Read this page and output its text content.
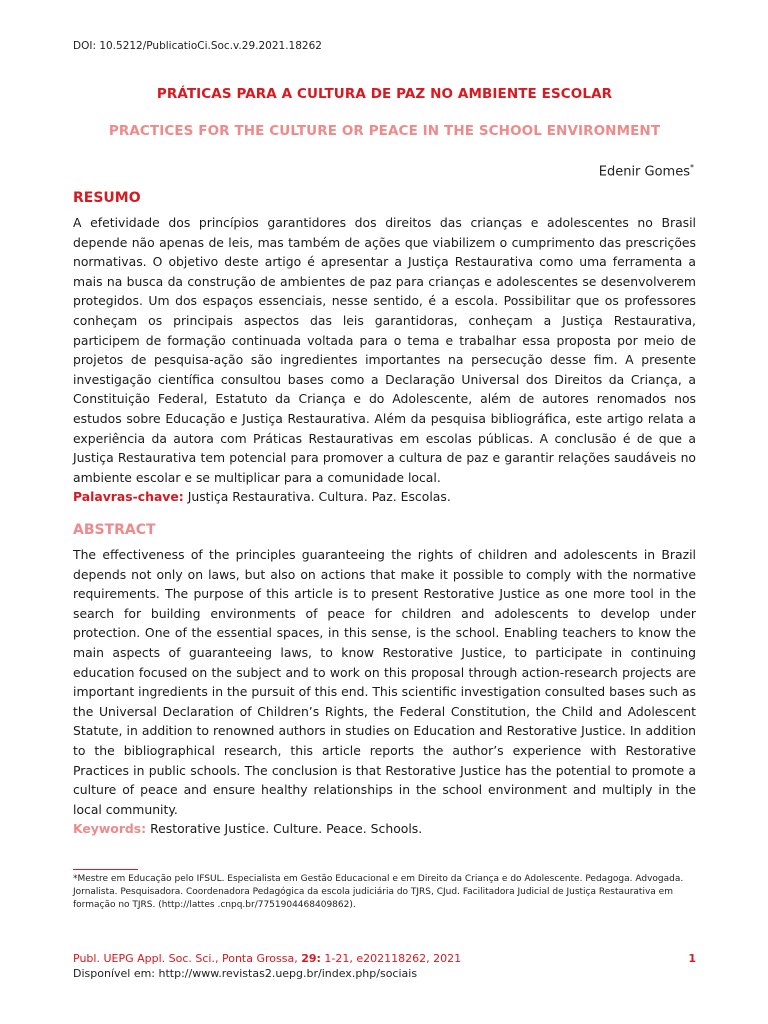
DOI: 10.5212/PublicatioCi.Soc.v.29.2021.18262
PRÁTICAS PARA A CULTURA DE PAZ NO AMBIENTE ESCOLAR
PRACTICES FOR THE CULTURE OR PEACE IN THE SCHOOL ENVIRONMENT
Edenir Gomes*
RESUMO
A efetividade dos princípios garantidores dos direitos das crianças e adolescentes no Brasil depende não apenas de leis, mas também de ações que viabilizem o cumprimento das prescrições normativas. O objetivo deste artigo é apresentar a Justiça Restaurativa como uma ferramenta a mais na busca da construção de ambientes de paz para crianças e adolescentes se desenvolverem protegidos. Um dos espaços essenciais, nesse sentido, é a escola. Possibilitar que os professores conheçam os principais aspectos das leis garantidoras, conheçam a Justiça Restaurativa, participem de formação continuada voltada para o tema e trabalhar essa proposta por meio de projetos de pesquisa-ação são ingredientes importantes na persecução desse fim. A presente investigação científica consultou bases como a Declaração Universal dos Direitos da Criança, a Constituição Federal, Estatuto da Criança e do Adolescente, além de autores renomados nos estudos sobre Educação e Justiça Restaurativa. Além da pesquisa bibliográfica, este artigo relata a experiência da autora com Práticas Restaurativas em escolas públicas. A conclusão é de que a Justiça Restaurativa tem potencial para promover a cultura de paz e garantir relações saudáveis no ambiente escolar e se multiplicar para a comunidade local.
Palavras-chave: Justiça Restaurativa. Cultura. Paz. Escolas.
ABSTRACT
The effectiveness of the principles guaranteeing the rights of children and adolescents in Brazil depends not only on laws, but also on actions that make it possible to comply with the normative requirements. The purpose of this article is to present Restorative Justice as one more tool in the search for building environments of peace for children and adolescents to develop under protection. One of the essential spaces, in this sense, is the school. Enabling teachers to know the main aspects of guaranteeing laws, to know Restorative Justice, to participate in continuing education focused on the subject and to work on this proposal through action-research projects are important ingredients in the pursuit of this end. This scientific investigation consulted bases such as the Universal Declaration of Children’s Rights, the Federal Constitution, the Child and Adolescent Statute, in addition to renowned authors in studies on Education and Restorative Justice. In addition to the bibliographical research, this article reports the author’s experience with Restorative Practices in public schools. The conclusion is that Restorative Justice has the potential to promote a culture of peace and ensure healthy relationships in the school environment and multiply in the local community.
Keywords: Restorative Justice. Culture. Peace. Schools.
*Mestre em Educação pelo IFSUL. Especialista em Gestão Educacional e em Direito da Criança e do Adolescente. Pedagoga. Advogada. Jornalista. Pesquisadora. Coordenadora Pedagógica da escola judiciária do TJRS, CJud. Facilitadora Judicial de Justiça Restaurativa em formação no TJRS. (http://lattes .cnpq.br/7751904468409862).
Publ. UEPG Appl. Soc. Sci., Ponta Grossa, 29: 1-21, e202118262, 2021	1
Disponível em: http://www.revistas2.uepg.br/index.php/sociais
